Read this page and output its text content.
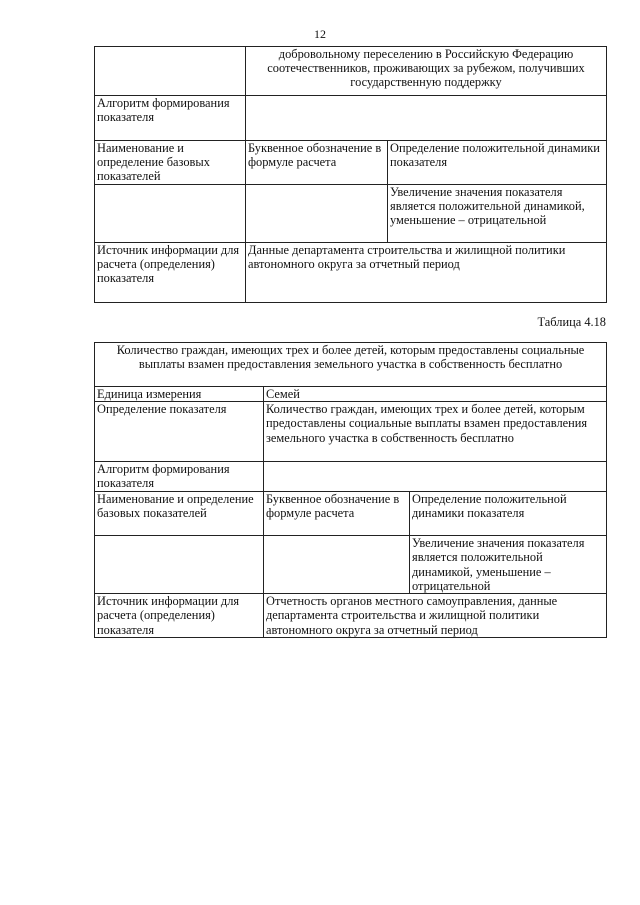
12
	добровольному переселению в Российскую Федерацию соотечественников, проживающих за рубежом, получивших государственную поддержку	
Алгоритм формирования показателя		
Наименование и определение базовых показателей	Буквенное обозначение в формуле расчета	Определение положительной динамики показателя
		Увеличение значения показателя является положительной динамикой, уменьшение – отрицательной
Источник информации для расчета (определения) показателя	Данные департамента строительства и жилищной политики автономного округа за отчетный период	
Таблица 4.18
Количество граждан, имеющих трех и более детей, которым предоставлены социальные выплаты взамен предоставления земельного участка в собственность бесплатно		
Единица измерения	Семей	
Определение показателя	Количество граждан, имеющих трех и более детей, которым предоставлены социальные выплаты взамен предоставления земельного участка в собственность бесплатно	
Алгоритм формирования показателя		
Наименование и определение базовых показателей	Буквенное обозначение в формуле расчета	Определение положительной динамики показателя
		Увеличение значения показателя является положительной динамикой, уменьшение – отрицательной
Источник информации для расчета (определения) показателя	Отчетность органов местного самоуправления, данные департамента строительства и жилищной политики автономного округа за отчетный период	
